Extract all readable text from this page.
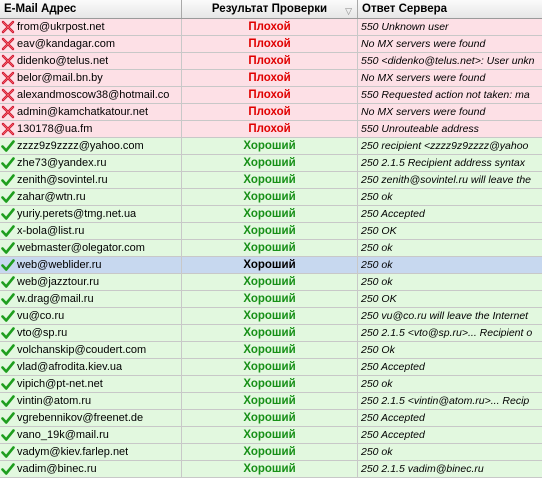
E-Mail Адрес	Результат Проверки ▽ Ответ Сервера
from@ukrpost.net	Плохой	550 Unknown user
eav@kandagar.com	Плохой	No MX servers were found
didenko@telus.net	Плохой	550 <didenko@telus.net>: User unkn
belor@mail.bn.by	Плохой	No MX servers were found
alexandmoscow38@hotmail.co	Плохой	550 Requested action not taken: ma
admin@kamchatkatour.net	Плохой	No MX servers were found
130178@ua.fm	Плохой	550 Unrouteable address
zzzz9z9zzzz@yahoo.com	Хороший	250 recipient <zzzz9z9zzzz@yahoo
zhe73@yandex.ru	Хороший	250 2.1.5 Recipient address syntax
zenith@sovintel.ru	Хороший	250 zenith@sovintel.ru will leave the
zahar@wtn.ru	Хороший	250 ok
yuriy.perets@tmg.net.ua	Хороший	250 Accepted
x-bola@list.ru	Хороший	250 OK
webmaster@olegator.com	Хороший	250 ok
web@weblider.ru	Хороший	250 ok
web@jazztour.ru	Хороший	250 ok
w.drag@mail.ru	Хороший	250 OK
vu@co.ru	Хороший	250 vu@co.ru will leave the Internet
vto@sp.ru	Хороший	250 2.1.5 <vto@sp.ru>... Recipient o
volchanskip@coudert.com	Хороший	250 Ok
vlad@afrodita.kiev.ua	Хороший	250 Accepted
vipich@pt-net.net	Хороший	250 ok
vintin@atom.ru	Хороший	250 2.1.5 <vintin@atom.ru>... Recip
vgrebennikov@freenet.de	Хороший	250 Accepted
vano_19k@mail.ru	Хороший	250 Accepted
vadym@kiev.farlep.net	Хороший	250 ok
vadim@binec.ru	Хороший	250 2.1.5 vadim@binec.ru
